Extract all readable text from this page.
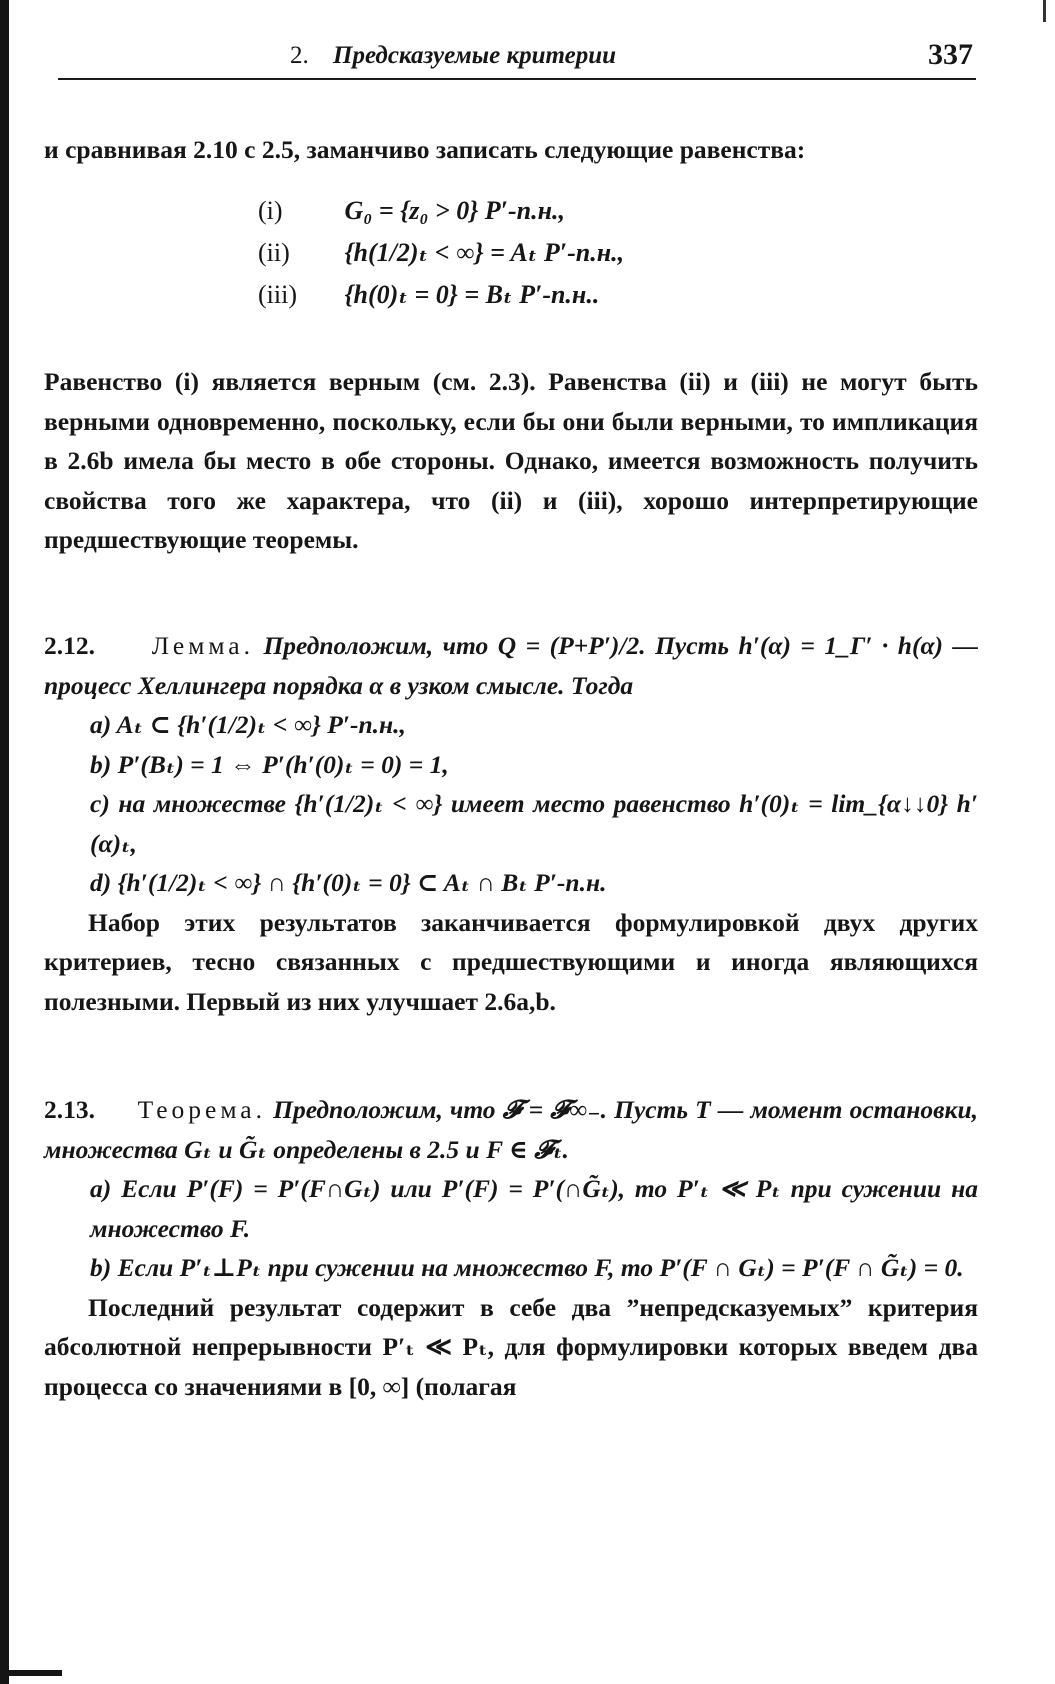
2. Предсказуемые критерии	337

и сравнивая 2.10 с 2.5, заманчиво записать следующие равенства:

(i) G₀ = {z₀ > 0} P′-п.н.,
(ii) {h(1/2)ₜ < ∞} = Aₜ P′-п.н.,
(iii) {h(0)ₜ = 0} = Bₜ P′-п.н..

Равенство (i) является верным (см. 2.3). Равенства (ii) и (iii) не могут быть верными одновременно, поскольку, если бы они были верными, то импликация в 2.6b имела бы место в обе стороны. Однако, имеется возможность получить свойства того же характера, что (ii) и (iii), хорошо интерпретирующие предшествующие теоремы.

2.12. Лемма. Предположим, что Q = (P+P′)/2. Пусть h′(α) = 1_Γ′ · h(α) — процесс Хеллингера порядка α в узком смысле. Тогда

a) Aₜ ⊂ {h′(1/2)ₜ < ∞} P′-п.н.,

b) P′(Bₜ) = 1 ⇔ P′(h′(0)ₜ = 0) = 1,

c) на множестве {h′(1/2)ₜ < ∞} имеет место равенство h′(0)ₜ = lim_{α↓↓0} h′(α)ₜ,

d) {h′(1/2)ₜ < ∞} ∩ {h′(0)ₜ = 0} ⊂ Aₜ ∩ Bₜ P′-п.н.

Набор этих результатов заканчивается формулировкой двух других критериев, тесно связанных с предшествующими и иногда являющихся полезными. Первый из них улучшает 2.6a,b.

2.13. Теорема. Предположим, что 𝓕 = 𝓕∞₋. Пусть T — момент остановки, множества Gₜ и G̃ₜ определены в 2.5 и F ∈ 𝓕ₜ.

a) Если P′(F) = P′(F∩Gₜ) или P′(F) = P′(∩G̃ₜ), то P′ₜ ≪ Pₜ при сужении на множество F.

b) Если P′ₜ⊥Pₜ при сужении на множество F, то P′(F ∩ Gₜ) = P′(F ∩ G̃ₜ) = 0.

Последний результат содержит в себе два ”непредсказуемых” критерия абсолютной непрерывности P′ₜ ≪ Pₜ, для формулировки которых введем два процесса со значениями в [0, ∞] (полагая
